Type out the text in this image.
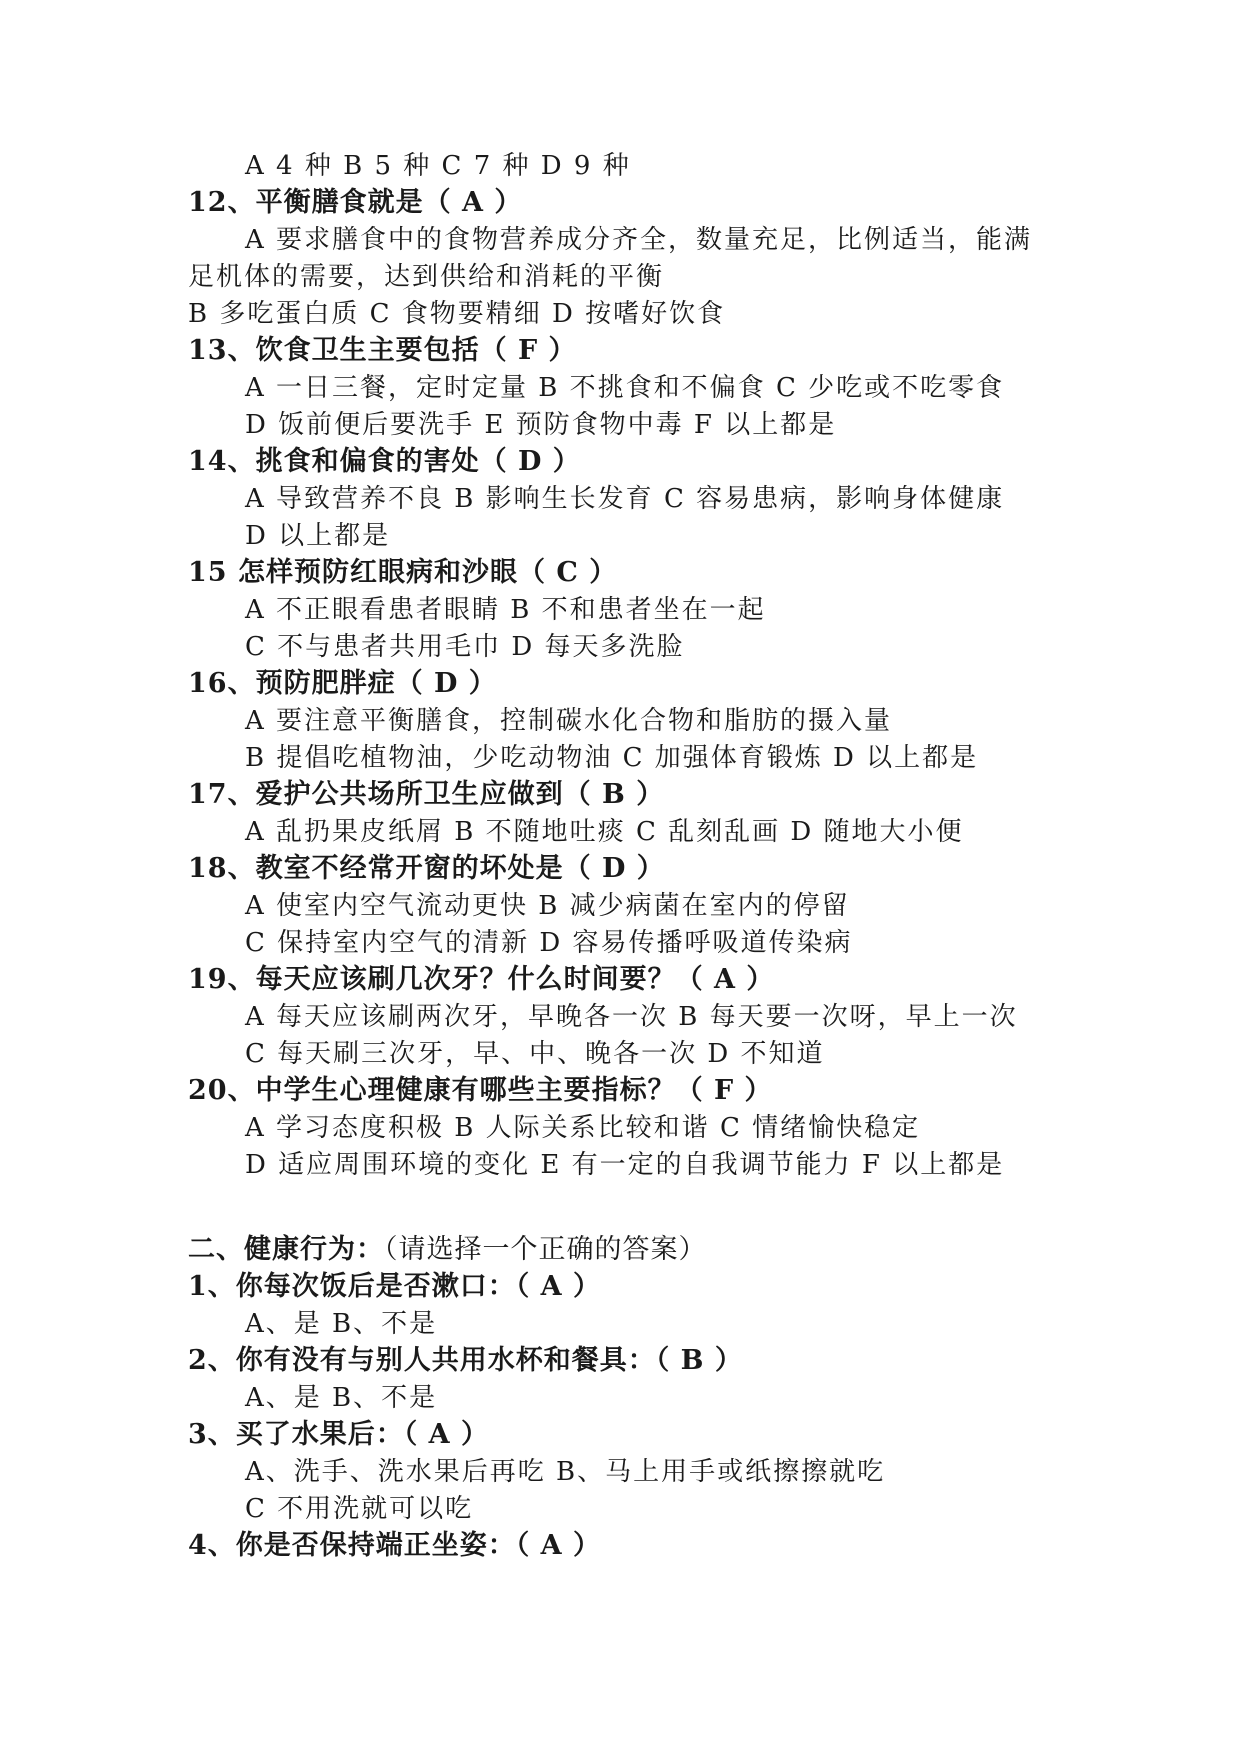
A 4 种 B 5 种 C 7 种 D 9 种
12、平衡膳食就是（ A ）
A 要求膳食中的食物营养成分齐全，数量充足，比例适当，能满
足机体的需要，达到供给和消耗的平衡
B 多吃蛋白质 C 食物要精细 D 按嗜好饮食
13、饮食卫生主要包括（ F ）
A 一日三餐，定时定量 B 不挑食和不偏食 C 少吃或不吃零食
D 饭前便后要洗手 E 预防食物中毒 F 以上都是
14、挑食和偏食的害处（ D ）
A 导致营养不良 B 影响生长发育 C 容易患病，影响身体健康
D 以上都是
15 怎样预防红眼病和沙眼（ C ）
A 不正眼看患者眼睛 B 不和患者坐在一起
C 不与患者共用毛巾 D 每天多洗脸
16、预防肥胖症（ D ）
A 要注意平衡膳食，控制碳水化合物和脂肪的摄入量
B 提倡吃植物油，少吃动物油 C 加强体育锻炼 D 以上都是
17、爱护公共场所卫生应做到（ B ）
A 乱扔果皮纸屑 B 不随地吐痰 C 乱刻乱画 D 随地大小便
18、教室不经常开窗的坏处是（ D ）
A 使室内空气流动更快 B 减少病菌在室内的停留
C 保持室内空气的清新 D 容易传播呼吸道传染病
19、每天应该刷几次牙？什么时间要？（ A ）
A 每天应该刷两次牙，早晚各一次 B 每天要一次呀，早上一次
C 每天刷三次牙，早、中、晚各一次 D 不知道
20、中学生心理健康有哪些主要指标？（ F ）
A 学习态度积极 B 人际关系比较和谐 C 情绪愉快稳定
D 适应周围环境的变化 E 有一定的自我调节能力 F 以上都是
二、健康行为：（请选择一个正确的答案）
1、你每次饭后是否漱口：（ A ）
A、是 B、不是
2、你有没有与别人共用水杯和餐具：（ B ）
A、是 B、不是
3、买了水果后：（ A ）
A、洗手、洗水果后再吃 B、马上用手或纸擦擦就吃
C 不用洗就可以吃
4、你是否保持端正坐姿：（ A ）
